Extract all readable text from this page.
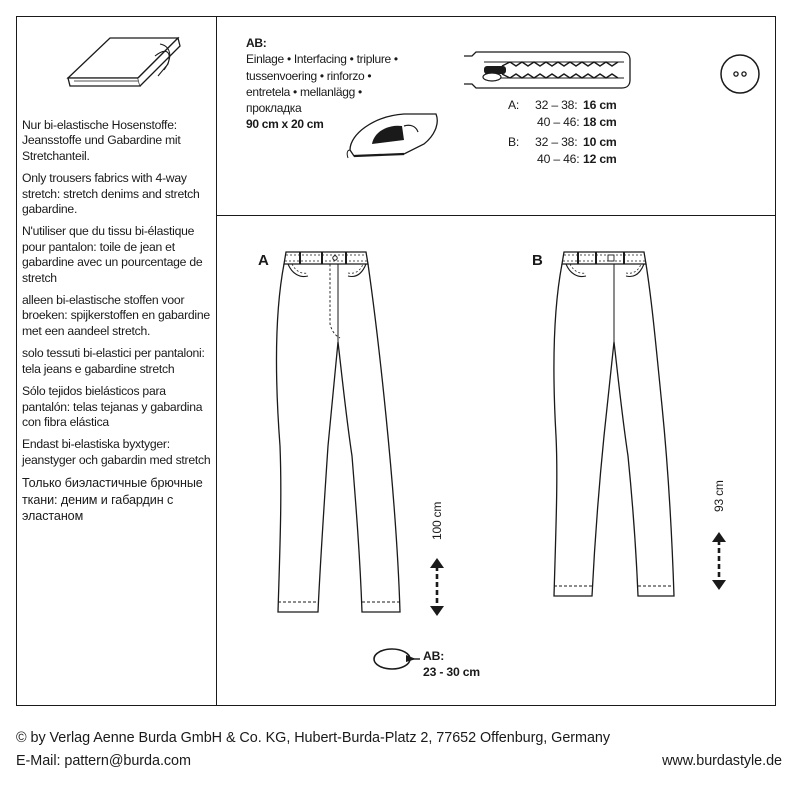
Nur bi-elastische Hosenstoffe: Jeansstoffe und Gabardine mit Stretchanteil.

Only trousers fabrics with 4-way stretch: stretch denims and stretch gabardine.

N'utiliser que du tissu bi-élastique pour pantalon: toile de jean et gabardine avec un pourcentage de stretch

alleen bi-elastische stoffen voor broeken: spijkerstoffen en gabardine met een aandeel stretch.

solo tessuti bi-elastici per pantaloni: tela jeans e gabardine stretch

Sólo tejidos bielásticos para pantalón: telas tejanas y gabardina con fibra elástica

Endast bi-elastiska byxtyger: jeanstyger och gabardin med stretch

Только биэластичные брючные ткани: деним и габардин с эластаном

AB:
Einlage • Interfacing • triplure •
tussenvoering • rinforzo •
entretela • mellanlägg •
прокладка
90 cm x 20 cm
A: 32 – 38: 16 cm
40 – 46: 18 cm
B: 32 – 38: 10 cm
40 – 46: 12 cm
A	B
100 cm
93 cm
AB:
23 - 30 cm
© by Verlag Aenne Burda GmbH & Co. KG, Hubert-Burda-Platz 2, 77652 Offenburg, Germany
E-Mail: pattern@burda.com	www.burdastyle.de
